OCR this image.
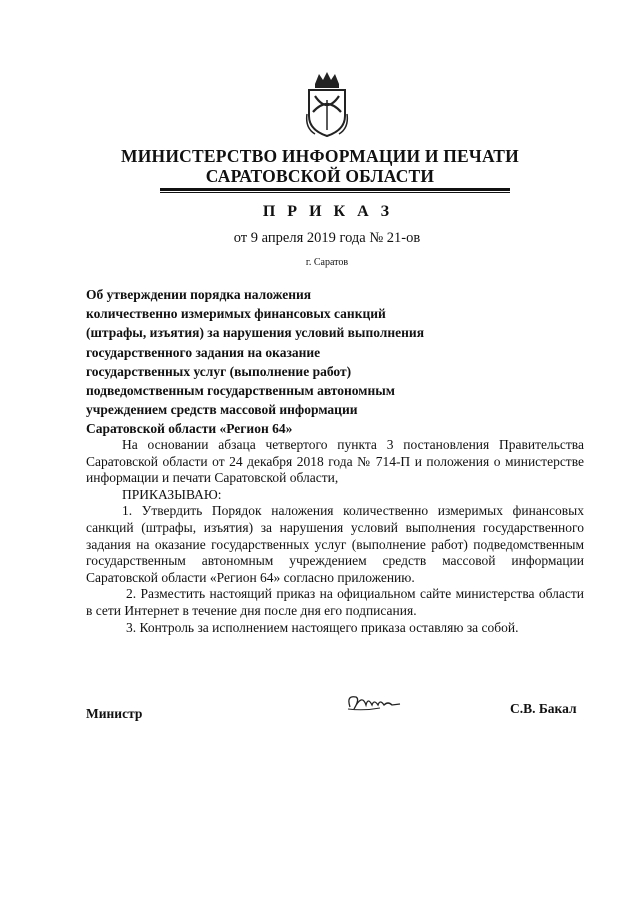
МИНИСТЕРСТВО ИНФОРМАЦИИ И ПЕЧАТИ
САРАТОВСКОЙ ОБЛАСТИ
П Р И К А З
от 9 апреля 2019 года № 21-ов
г. Саратов
Об утверждении порядка наложения
количественно измеримых финансовых санкций
(штрафы, изъятия) за нарушения условий выполнения
государственного задания на оказание
государственных услуг (выполнение работ)
подведомственным государственным автономным
учреждением средств массовой информации
Саратовской области «Регион 64»

На основании абзаца четвертого пункта 3 постановления Правительства Саратовской области от 24 декабря 2018 года № 714-П и положения о министерстве информации и печати Саратовской области,

ПРИКАЗЫВАЮ:

1. Утвердить Порядок наложения количественно измеримых финансовых санкций (штрафы, изъятия) за нарушения условий выполнения государственного задания на оказание государственных услуг (выполнение работ) подведомственным государственным автономным учреждением средств массовой информации Саратовской области «Регион 64» согласно приложению.

2. Разместить настоящий приказ на официальном сайте министерства области в сети Интернет в течение дня после дня его подписания.

3. Контроль за исполнением настоящего приказа оставляю за собой.

Министр	С.В. Бакал
